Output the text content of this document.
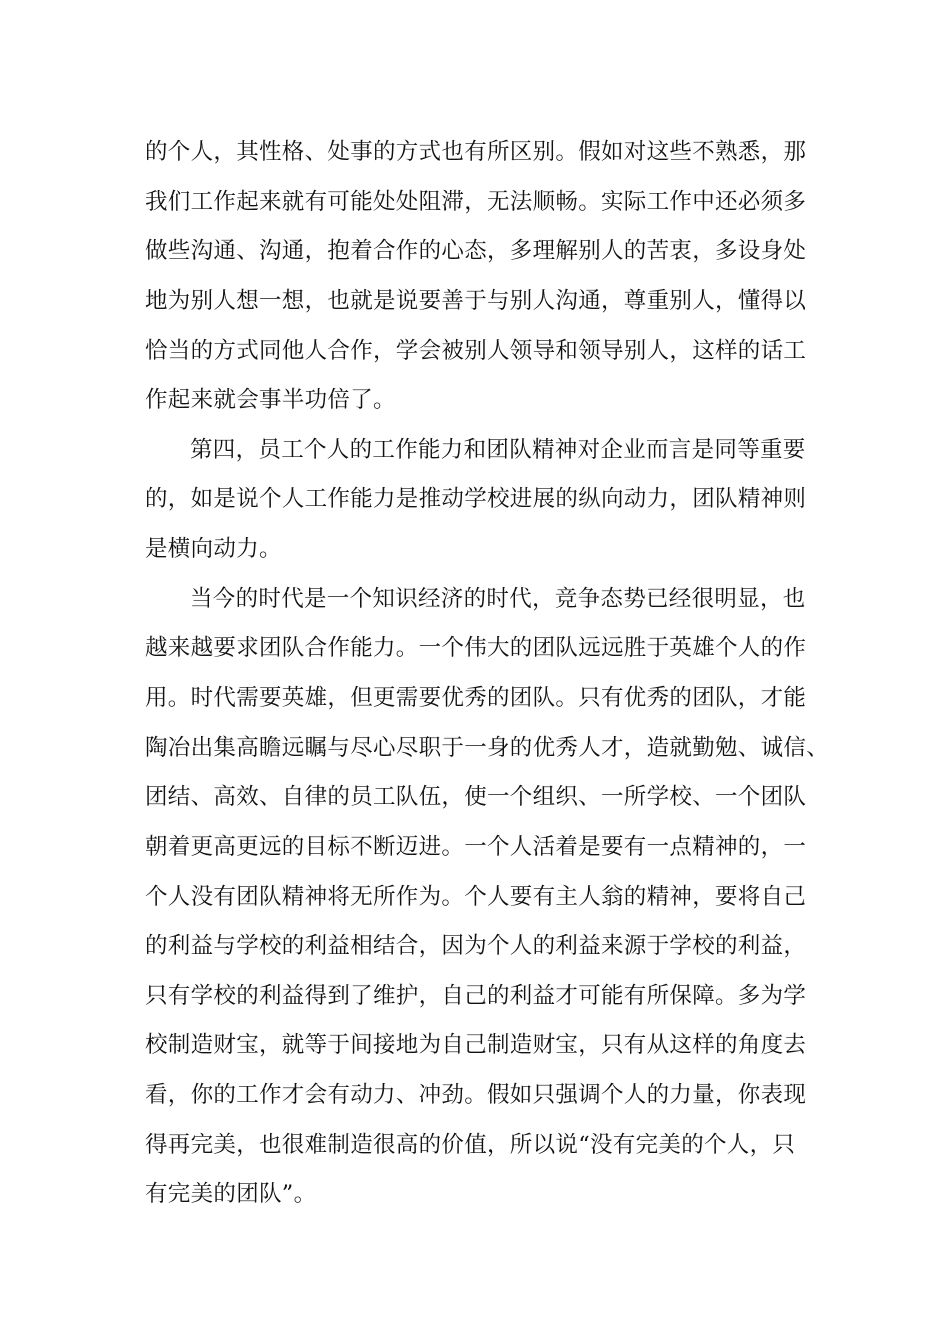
的个人，其性格、处事的方式也有所区别。假如对这些不熟悉，那

我们工作起来就有可能处处阻滞，无法顺畅。实际工作中还必须多

做些沟通、沟通，抱着合作的心态，多理解别人的苦衷，多设身处

地为别人想一想，也就是说要善于与别人沟通，尊重别人，懂得以

恰当的方式同他人合作，学会被别人领导和领导别人，这样的话工

作起来就会事半功倍了。

第四，员工个人的工作能力和团队精神对企业而言是同等重要

的，如是说个人工作能力是推动学校进展的纵向动力，团队精神则

是横向动力。

当今的时代是一个知识经济的时代，竞争态势已经很明显，也

越来越要求团队合作能力。一个伟大的团队远远胜于英雄个人的作

用。时代需要英雄，但更需要优秀的团队。只有优秀的团队，才能

陶冶出集高瞻远瞩与尽心尽职于一身的优秀人才，造就勤勉、诚信、

团结、高效、自律的员工队伍，使一个组织、一所学校、一个团队

朝着更高更远的目标不断迈进。一个人活着是要有一点精神的，一

个人没有团队精神将无所作为。个人要有主人翁的精神，要将自己

的利益与学校的利益相结合，因为个人的利益来源于学校的利益，

只有学校的利益得到了维护，自己的利益才可能有所保障。多为学

校制造财宝，就等于间接地为自己制造财宝，只有从这样的角度去

看，你的工作才会有动力、冲劲。假如只强调个人的力量，你表现

得再完美，也很难制造很高的价值，所以说“没有完美的个人，只

有完美的团队”。
